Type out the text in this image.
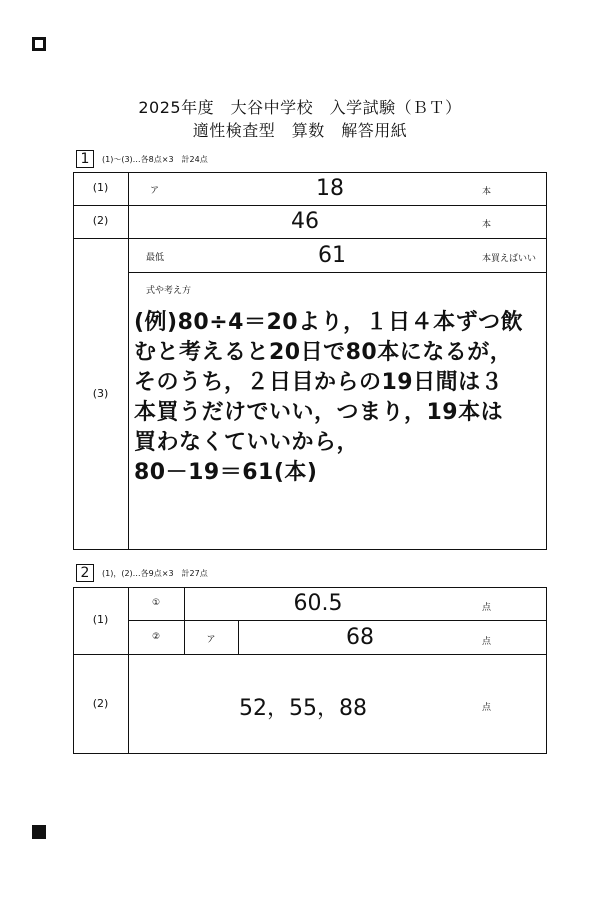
2025年度　大谷中学校　入学試験（ＢＴ）
適性検査型　算数　解答用紙
1	(1)～(3)…各8点×3　計24点
(1)	ア	18	本
(2)	46	本
(3)
最低	61	本買えばいい
式や考え方
(例)80÷4＝20より，１日４本ずつ飲
むと考えると20日で80本になるが，
そのうち，２日目からの19日間は３
本買うだけでいい，つまり，19本は
買わなくていいから，
80－19＝61(本)
2	(1)，(2)…各9点×3　計27点
(1)
①	60.5	点
②	ア	68	点
(2)	52，55，88	点
